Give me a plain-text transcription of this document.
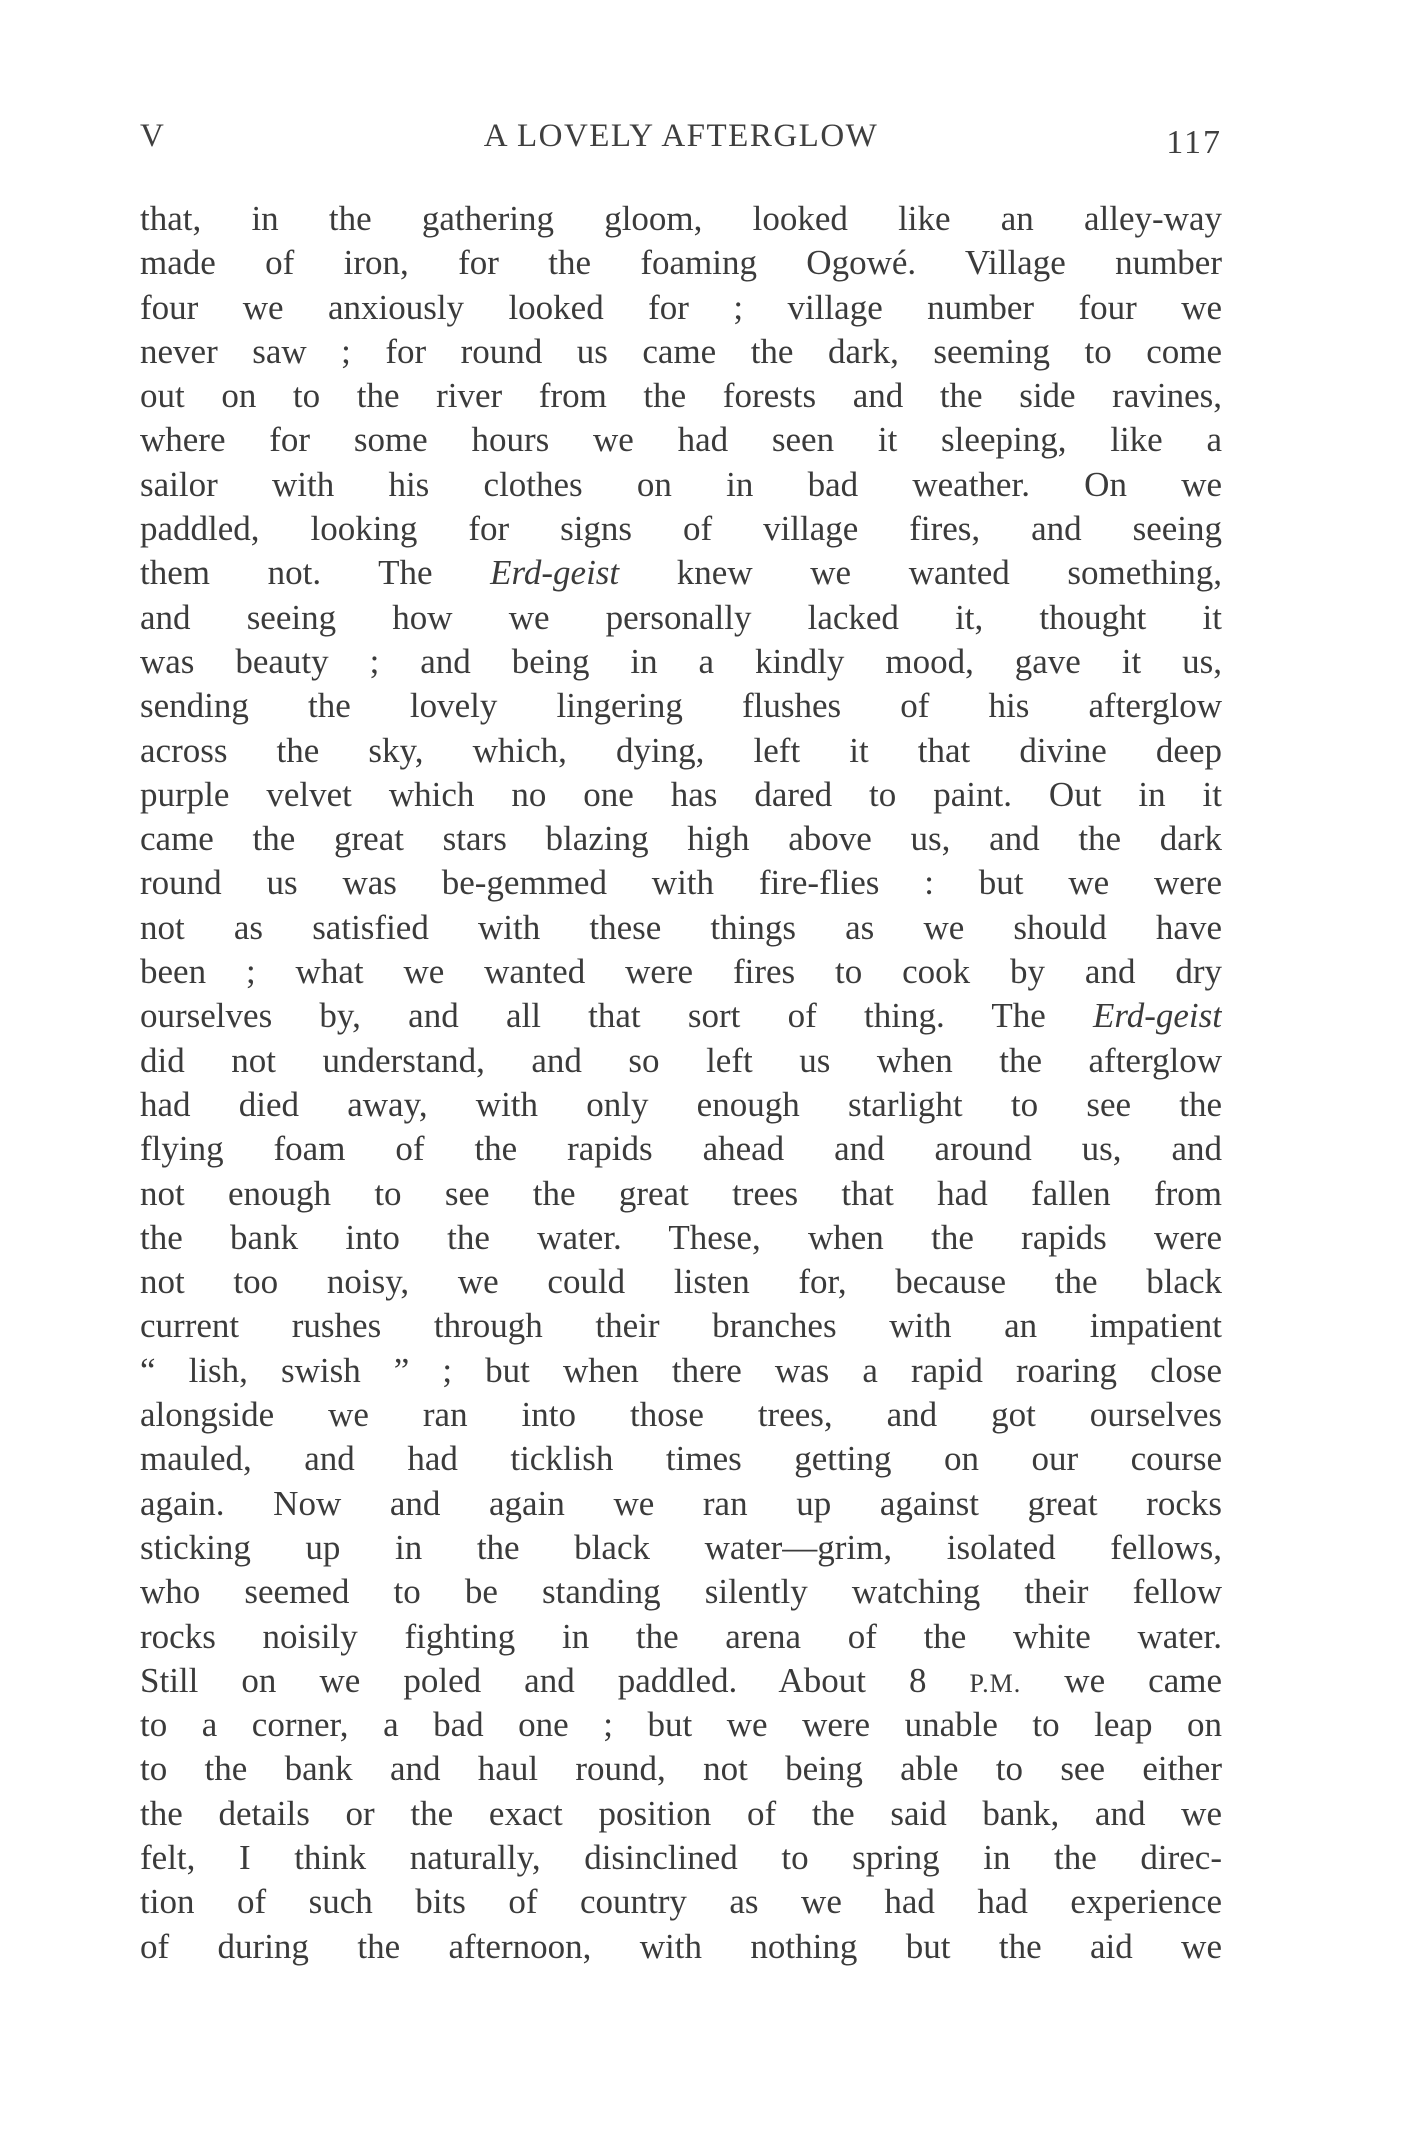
V	A LOVELY AFTERGLOW	117
that, in the gathering gloom, looked like an alley-way
made of iron, for the foaming Ogowé. Village number
four we anxiously looked for ; village number four we
never saw ; for round us came the dark, seeming to come
out on to the river from the forests and the side ravines,
where for some hours we had seen it sleeping, like a
sailor with his clothes on in bad weather. On we
paddled, looking for signs of village fires, and seeing
them not. The Erd-geist knew we wanted something,
and seeing how we personally lacked it, thought it
was beauty ; and being in a kindly mood, gave it us,
sending the lovely lingering flushes of his afterglow
across the sky, which, dying, left it that divine deep
purple velvet which no one has dared to paint. Out in it
came the great stars blazing high above us, and the dark
round us was be-gemmed with fire-flies : but we were
not as satisfied with these things as we should have
been ; what we wanted were fires to cook by and dry
ourselves by, and all that sort of thing. The Erd-geist
did not understand, and so left us when the afterglow
had died away, with only enough starlight to see the
flying foam of the rapids ahead and around us, and
not enough to see the great trees that had fallen from
the bank into the water. These, when the rapids were
not too noisy, we could listen for, because the black
current rushes through their branches with an impatient
“ lish, swish ” ; but when there was a rapid roaring close
alongside we ran into those trees, and got ourselves
mauled, and had ticklish times getting on our course
again. Now and again we ran up against great rocks
sticking up in the black water—grim, isolated fellows,
who seemed to be standing silently watching their fellow
rocks noisily fighting in the arena of the white water.
Still on we poled and paddled. About 8 P.M. we came
to a corner, a bad one ; but we were unable to leap on
to the bank and haul round, not being able to see either
the details or the exact position of the said bank, and we
felt, I think naturally, disinclined to spring in the direc-
tion of such bits of country as we had had experience
of during the afternoon, with nothing but the aid we
